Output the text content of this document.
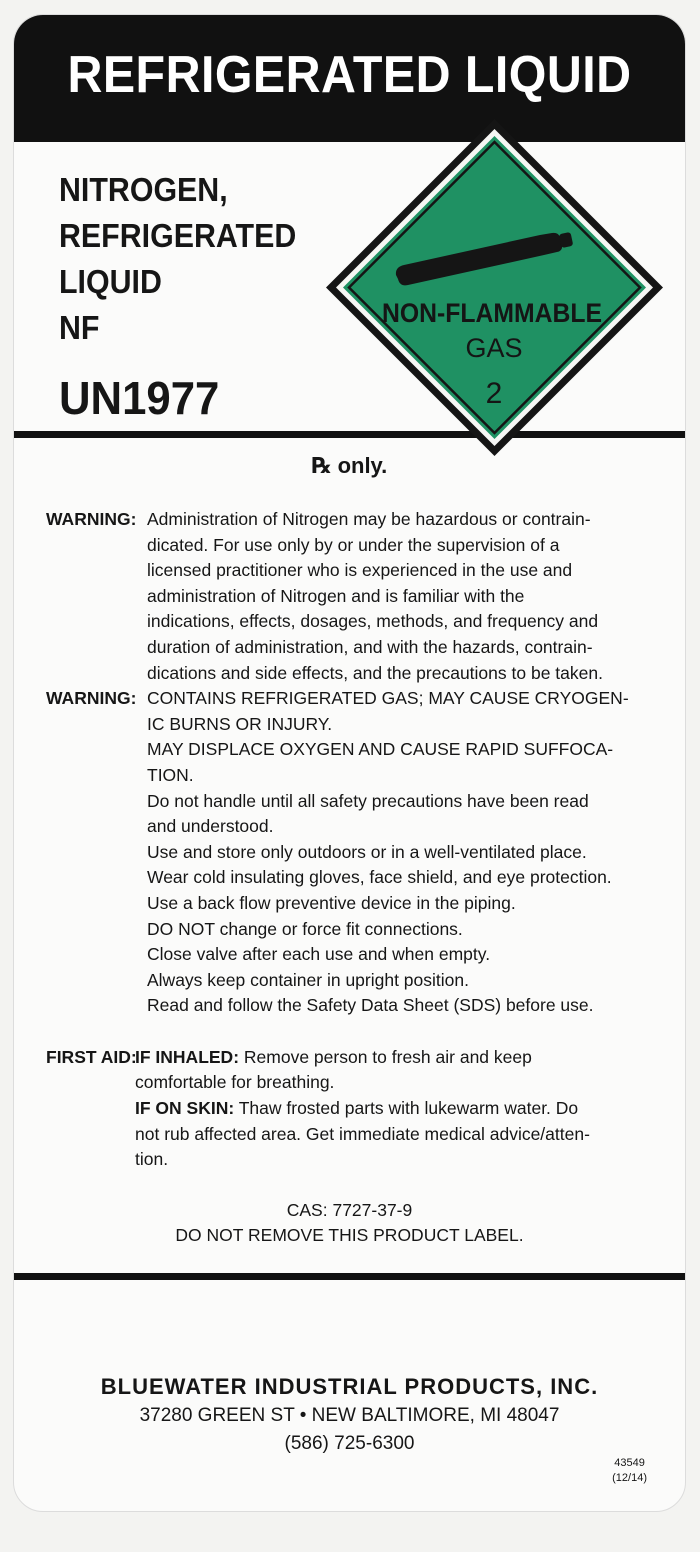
REFRIGERATED LIQUID
NITROGEN,
REFRIGERATED
LIQUID
NF
UN1977
NON-FLAMMABLE
GAS
2
℞ only.
WARNING: Administration of Nitrogen may be hazardous or contrain-
dicated. For use only by or under the supervision of a
licensed practitioner who is experienced in the use and
administration of Nitrogen and is familiar with the
indications, effects, dosages, methods, and frequency and
duration of administration, and with the hazards, contrain-
dications and side effects, and the precautions to be taken.
WARNING: CONTAINS REFRIGERATED GAS; MAY CAUSE CRYOGEN-
IC BURNS OR INJURY.
MAY DISPLACE OXYGEN AND CAUSE RAPID SUFFOCA-
TION.
Do not handle until all safety precautions have been read
and understood.
Use and store only outdoors or in a well-ventilated place.
Wear cold insulating gloves, face shield, and eye protection.
Use a back flow preventive device in the piping.
DO NOT change or force fit connections.
Close valve after each use and when empty.
Always keep container in upright position.
Read and follow the Safety Data Sheet (SDS) before use.
FIRST AID:
IF INHALED: Remove person to fresh air and keep
comfortable for breathing.
IF ON SKIN: Thaw frosted parts with lukewarm water. Do
not rub affected area. Get immediate medical advice/atten-
tion.
CAS: 7727-37-9
DO NOT REMOVE THIS PRODUCT LABEL.
BLUEWATER INDUSTRIAL PRODUCTS, INC.
37280 GREEN ST • NEW BALTIMORE, MI 48047
(586) 725-6300
43549
(12/14)
